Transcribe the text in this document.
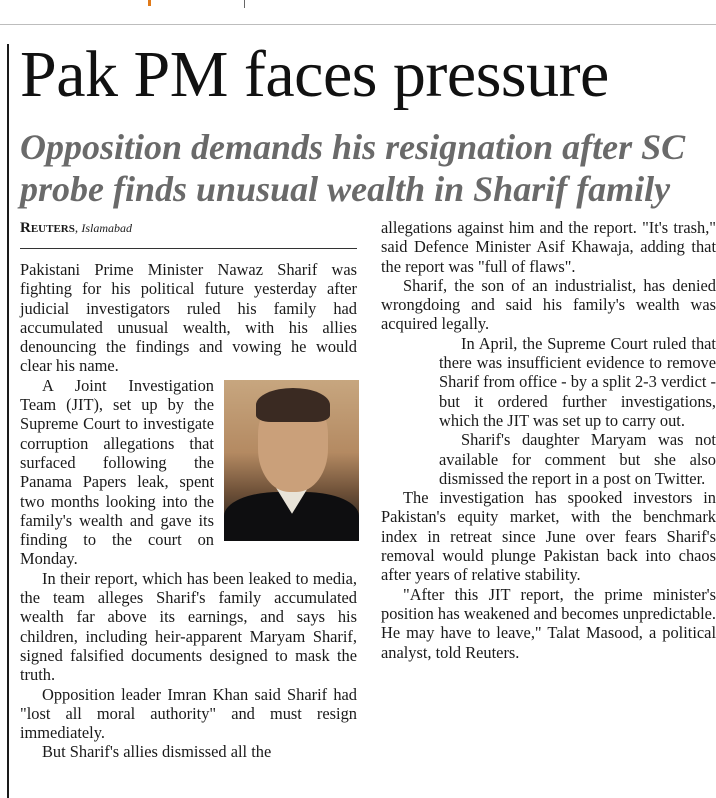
Pak PM faces pressure
Opposition demands his resignation after SC
probe finds unusual wealth in Sharif family
Reuters, Islamabad

Pakistani Prime Minister Nawaz Sharif was fighting for his political future yesterday after judicial investigators ruled his family had accumulated unusual wealth, with his allies denouncing the findings and vowing he would clear his name.

A Joint Investigation Team (JIT), set up by the Supreme Court to investigate corruption allegations that surfaced following the Panama Papers leak, spent two months looking into the family's wealth and gave its finding to the court on Monday.

In their report, which has been leaked to media, the team alleges Sharif's family accumulated wealth far above its earnings, and says his children, including heir-apparent Maryam Sharif, signed falsified documents designed to mask the truth.

Opposition leader Imran Khan said Sharif had "lost all moral authority" and must resign immediately.

But Sharif's allies dismissed all the

allegations against him and the report. "It's trash," said Defence Minister Asif Khawaja, adding that the report was "full of flaws".

Sharif, the son of an industrialist, has denied wrongdoing and said his family's wealth was acquired legally.

In April, the Supreme Court ruled that there was insufficient evidence to remove Sharif from office - by a split 2-3 verdict - but it ordered further investigations, which the JIT was set up to carry out.

Sharif's daughter Maryam was not available for comment but she also dismissed the report in a post on Twitter.

The investigation has spooked investors in Pakistan's equity market, with the benchmark index in retreat since June over fears Sharif's removal would plunge Pakistan back into chaos after years of relative stability.

"After this JIT report, the prime minister's position has weakened and becomes unpredictable. He may have to leave," Talat Masood, a political analyst, told Reuters.
